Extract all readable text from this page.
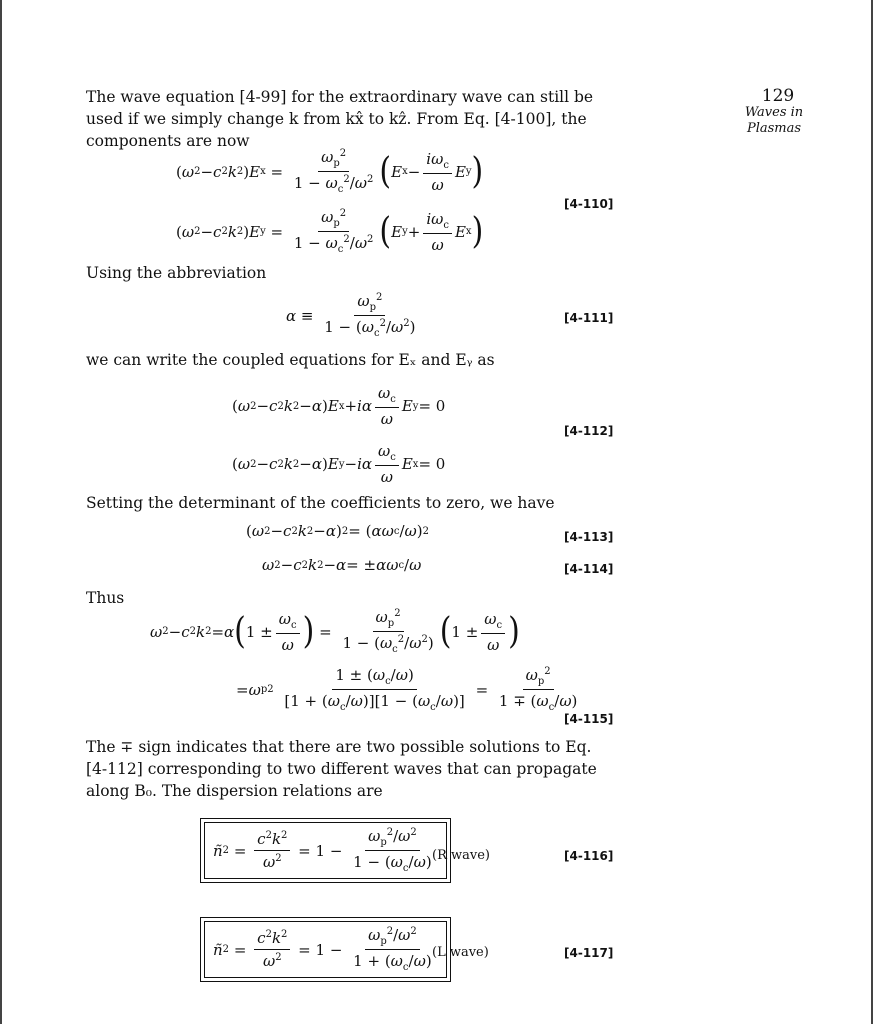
129
Waves in Plasmas
The wave equation [4-99] for the extraordinary wave can still be used if we simply change k from kx̂ to kẑ. From Eq. [4-100], the components are now
( ω 2 − c 2 k 2 ) E $x = \frac{\omega_p^2}{1 - \omega_c^2/\omega^2}$ ( E $x - \frac{i\omega_c}{\omega}$ E y )
[4-110]
( ω 2 − c 2 k 2 ) E $y = \frac{\omega_p^2}{1 - \omega_c^2/\omega^2}$ ( E $y + \frac{i\omega_c}{\omega}$ E x )
Using the abbreviation
$\alpha \equiv \frac{\omega_p^2}{1 - (\omega_c^2/\omega^2)}$	[4-111]
we can write the coupled equations for Eₓ and Eᵧ as
( ω 2 − c 2 k 2 − α ) E x + iα $\frac{\omega_c}{\omega}$ E y = 0
[4-112]
( ω 2 − c 2 k 2 − α ) E y − iα $\frac{\omega_c}{\omega}$ E x = 0
Setting the determinant of the coefficients to zero, we have
( ω 2 − c 2 k 2 − α ) 2 = ( αω c / ω ) 2	[4-113]
ω 2 − c 2 k 2 − α = ± αω c / ω	[4-114]
Thus
ω 2 − c 2 k 2 = α ( $1 \pm \frac{\omega_c}{\omega}$ ) = $\frac{\omega_p^2}{1 - (\omega_c^2/\omega^2)}$ ( $1 \pm \frac{\omega_c}{\omega}$ )
= ω p 2
$\frac{1 \pm (\omega_c/\omega)}{[1 + (\omega_c/\omega)][1 - (\omega_c/\omega)]} = \frac{\omega_p^2}{1 \mp (\omega_c/\omega)}$
[4-115]
The ∓ sign indicates that there are two possible solutions to Eq. [4-112] corresponding to two different waves that can propagate along B₀. The dispersion relations are
ñ $2 = \frac{c^2k^2}{\omega^2} = 1 - \frac{\omega_p^2/\omega^2}{1 - (\omega_c/\omega)}$
(R wave)	[4-116]
ñ $2 = \frac{c^2k^2}{\omega^2} = 1 - \frac{\omega_p^2/\omega^2}{1 + (\omega_c/\omega)}$
(L wave)	[4-117]
